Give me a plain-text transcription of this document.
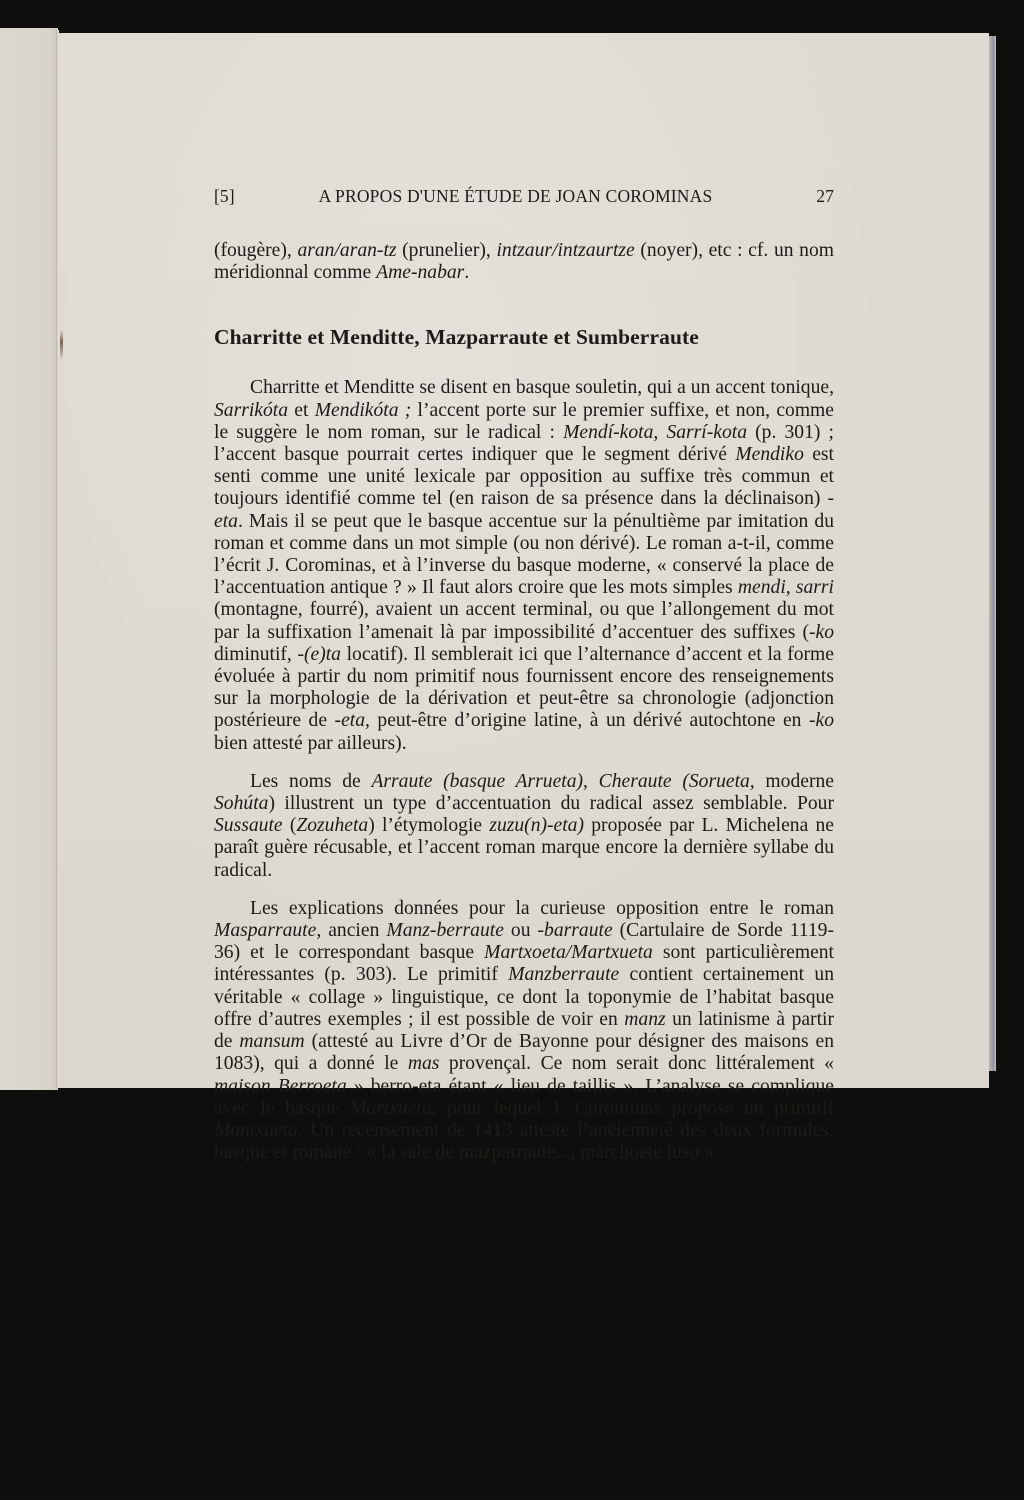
[5]	A PROPOS D'UNE ÉTUDE DE JOAN COROMINAS	27

(fougère), aran/aran-tz (prunelier), intzaur/intzaurtze (noyer), etc : cf. un nom méridionnal comme Ame-nabar.

Charritte et Menditte, Mazparraute et Sumberraute

Charritte et Menditte se disent en basque souletin, qui a un accent tonique, Sarrikóta et Mendikóta ; l’accent porte sur le premier suffixe, et non, comme le suggère le nom roman, sur le radical : Mendí-kota, Sarrí-kota (p. 301) ; l’accent basque pourrait certes indiquer que le segment dérivé Mendiko est senti comme une unité lexicale par opposition au suffixe très commun et toujours identifié comme tel (en raison de sa présence dans la déclinaison) -eta. Mais il se peut que le basque accentue sur la pénultième par imitation du roman et comme dans un mot simple (ou non dérivé). Le roman a-t-il, comme l’écrit J. Corominas, et à l’inverse du basque moderne, « conservé la place de l’accentuation antique ? » Il faut alors croire que les mots simples mendi, sarri (montagne, fourré), avaient un accent terminal, ou que l’allongement du mot par la suffixation l’amenait là par impossibilité d’accentuer des suffixes (-ko diminutif, -(e)ta locatif). Il semblerait ici que l’alternance d’accent et la forme évoluée à partir du nom primitif nous fournissent encore des renseignements sur la morphologie de la dérivation et peut-être sa chronologie (adjonction postérieure de -eta, peut-être d’origine latine, à un dérivé autochtone en -ko bien attesté par ailleurs).

Les noms de Arraute (basque Arrueta), Cheraute (Sorueta, moderne Sohúta) illustrent un type d’accentuation du radical assez semblable. Pour Sussaute (Zozuheta) l’étymologie zuzu(n)-eta) proposée par L. Michelena ne paraît guère récusable, et l’accent roman marque encore la dernière syllabe du radical.

Les explications données pour la curieuse opposition entre le roman Masparraute, ancien Manz-berraute ou -barraute (Cartulaire de Sorde 1119-36) et le correspondant basque Martxoeta/Martxueta sont particulièrement intéressantes (p. 303). Le primitif Manzberraute contient certainement un véritable « collage » linguistique, ce dont la toponymie de l’habitat basque offre d’autres exemples ; il est possible de voir en manz un latinisme à partir de mansum (attesté au Livre d’Or de Bayonne pour désigner des maisons en 1083), qui a donné le mas provençal. Ce nom serait donc littéralement « maison Berroeta » berro-eta étant « lieu de taillis ». L’analyse se complique avec le basque Martxueta, pour lequel J. Corominas propose un primitif Mantxueta. Un recensement de 1413 atteste l’ancienneté des deux formules, basque et romane : « la sale de mazparraute..., marchoete iuso ».
